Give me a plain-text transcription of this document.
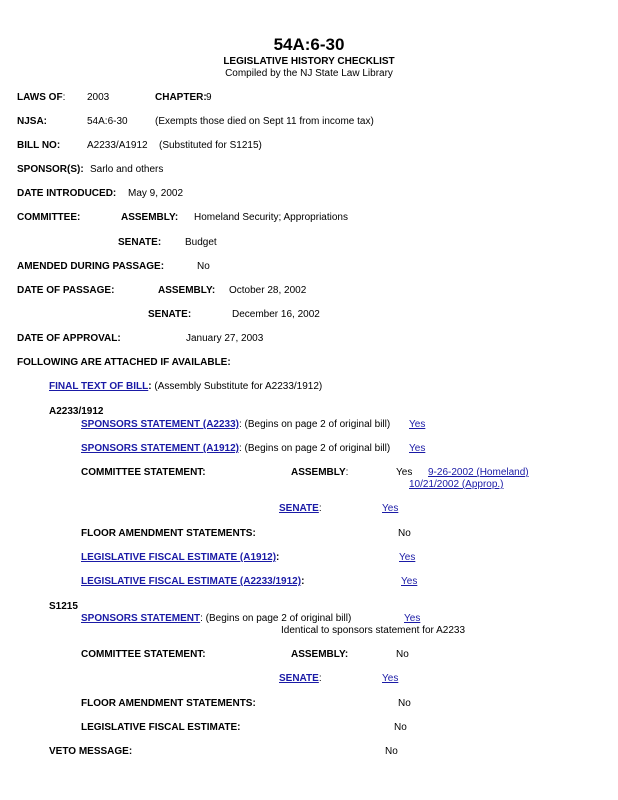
54A:6-30
LEGISLATIVE HISTORY CHECKLIST
Compiled by the NJ State Law Library
LAWS OF: 2003	CHAPTER: 9
NJSA:	54A:6-30	(Exempts those died on Sept 11 from income tax)
BILL NO:	A2233/A1912 (Substituted for S1215)
SPONSOR(S): Sarlo and others
DATE INTRODUCED: May 9, 2002
COMMITTEE:	ASSEMBLY: Homeland Security; Appropriations
SENATE: Budget
AMENDED DURING PASSAGE:	No
DATE OF PASSAGE:	ASSEMBLY: October 28, 2002
SENATE:	December 16, 2002
DATE OF APPROVAL:	January 27, 2003
FOLLOWING ARE ATTACHED IF AVAILABLE:
FINAL TEXT OF BILL: (Assembly Substitute for A2233/1912)
A2233/1912
SPONSORS STATEMENT (A2233): (Begins on page 2 of original bill) Yes
SPONSORS STATEMENT (A1912): (Begins on page 2 of original bill) Yes
COMMITTEE STATEMENT:	ASSEMBLY:	Yes 9-26-2002 (Homeland)
10/21/2002 (Approp.)
SENATE:	Yes
FLOOR AMENDMENT STATEMENTS:	No
LEGISLATIVE FISCAL ESTIMATE (A1912):	Yes
LEGISLATIVE FISCAL ESTIMATE (A2233/1912):	Yes
S1215
SPONSORS STATEMENT: (Begins on page 2 of original bill)	Yes
Identical to sponsors statement for A2233
COMMITTEE STATEMENT:	ASSEMBLY:	No
SENATE:	Yes
FLOOR AMENDMENT STATEMENTS:	No
LEGISLATIVE FISCAL ESTIMATE:	No
VETO MESSAGE:	No
